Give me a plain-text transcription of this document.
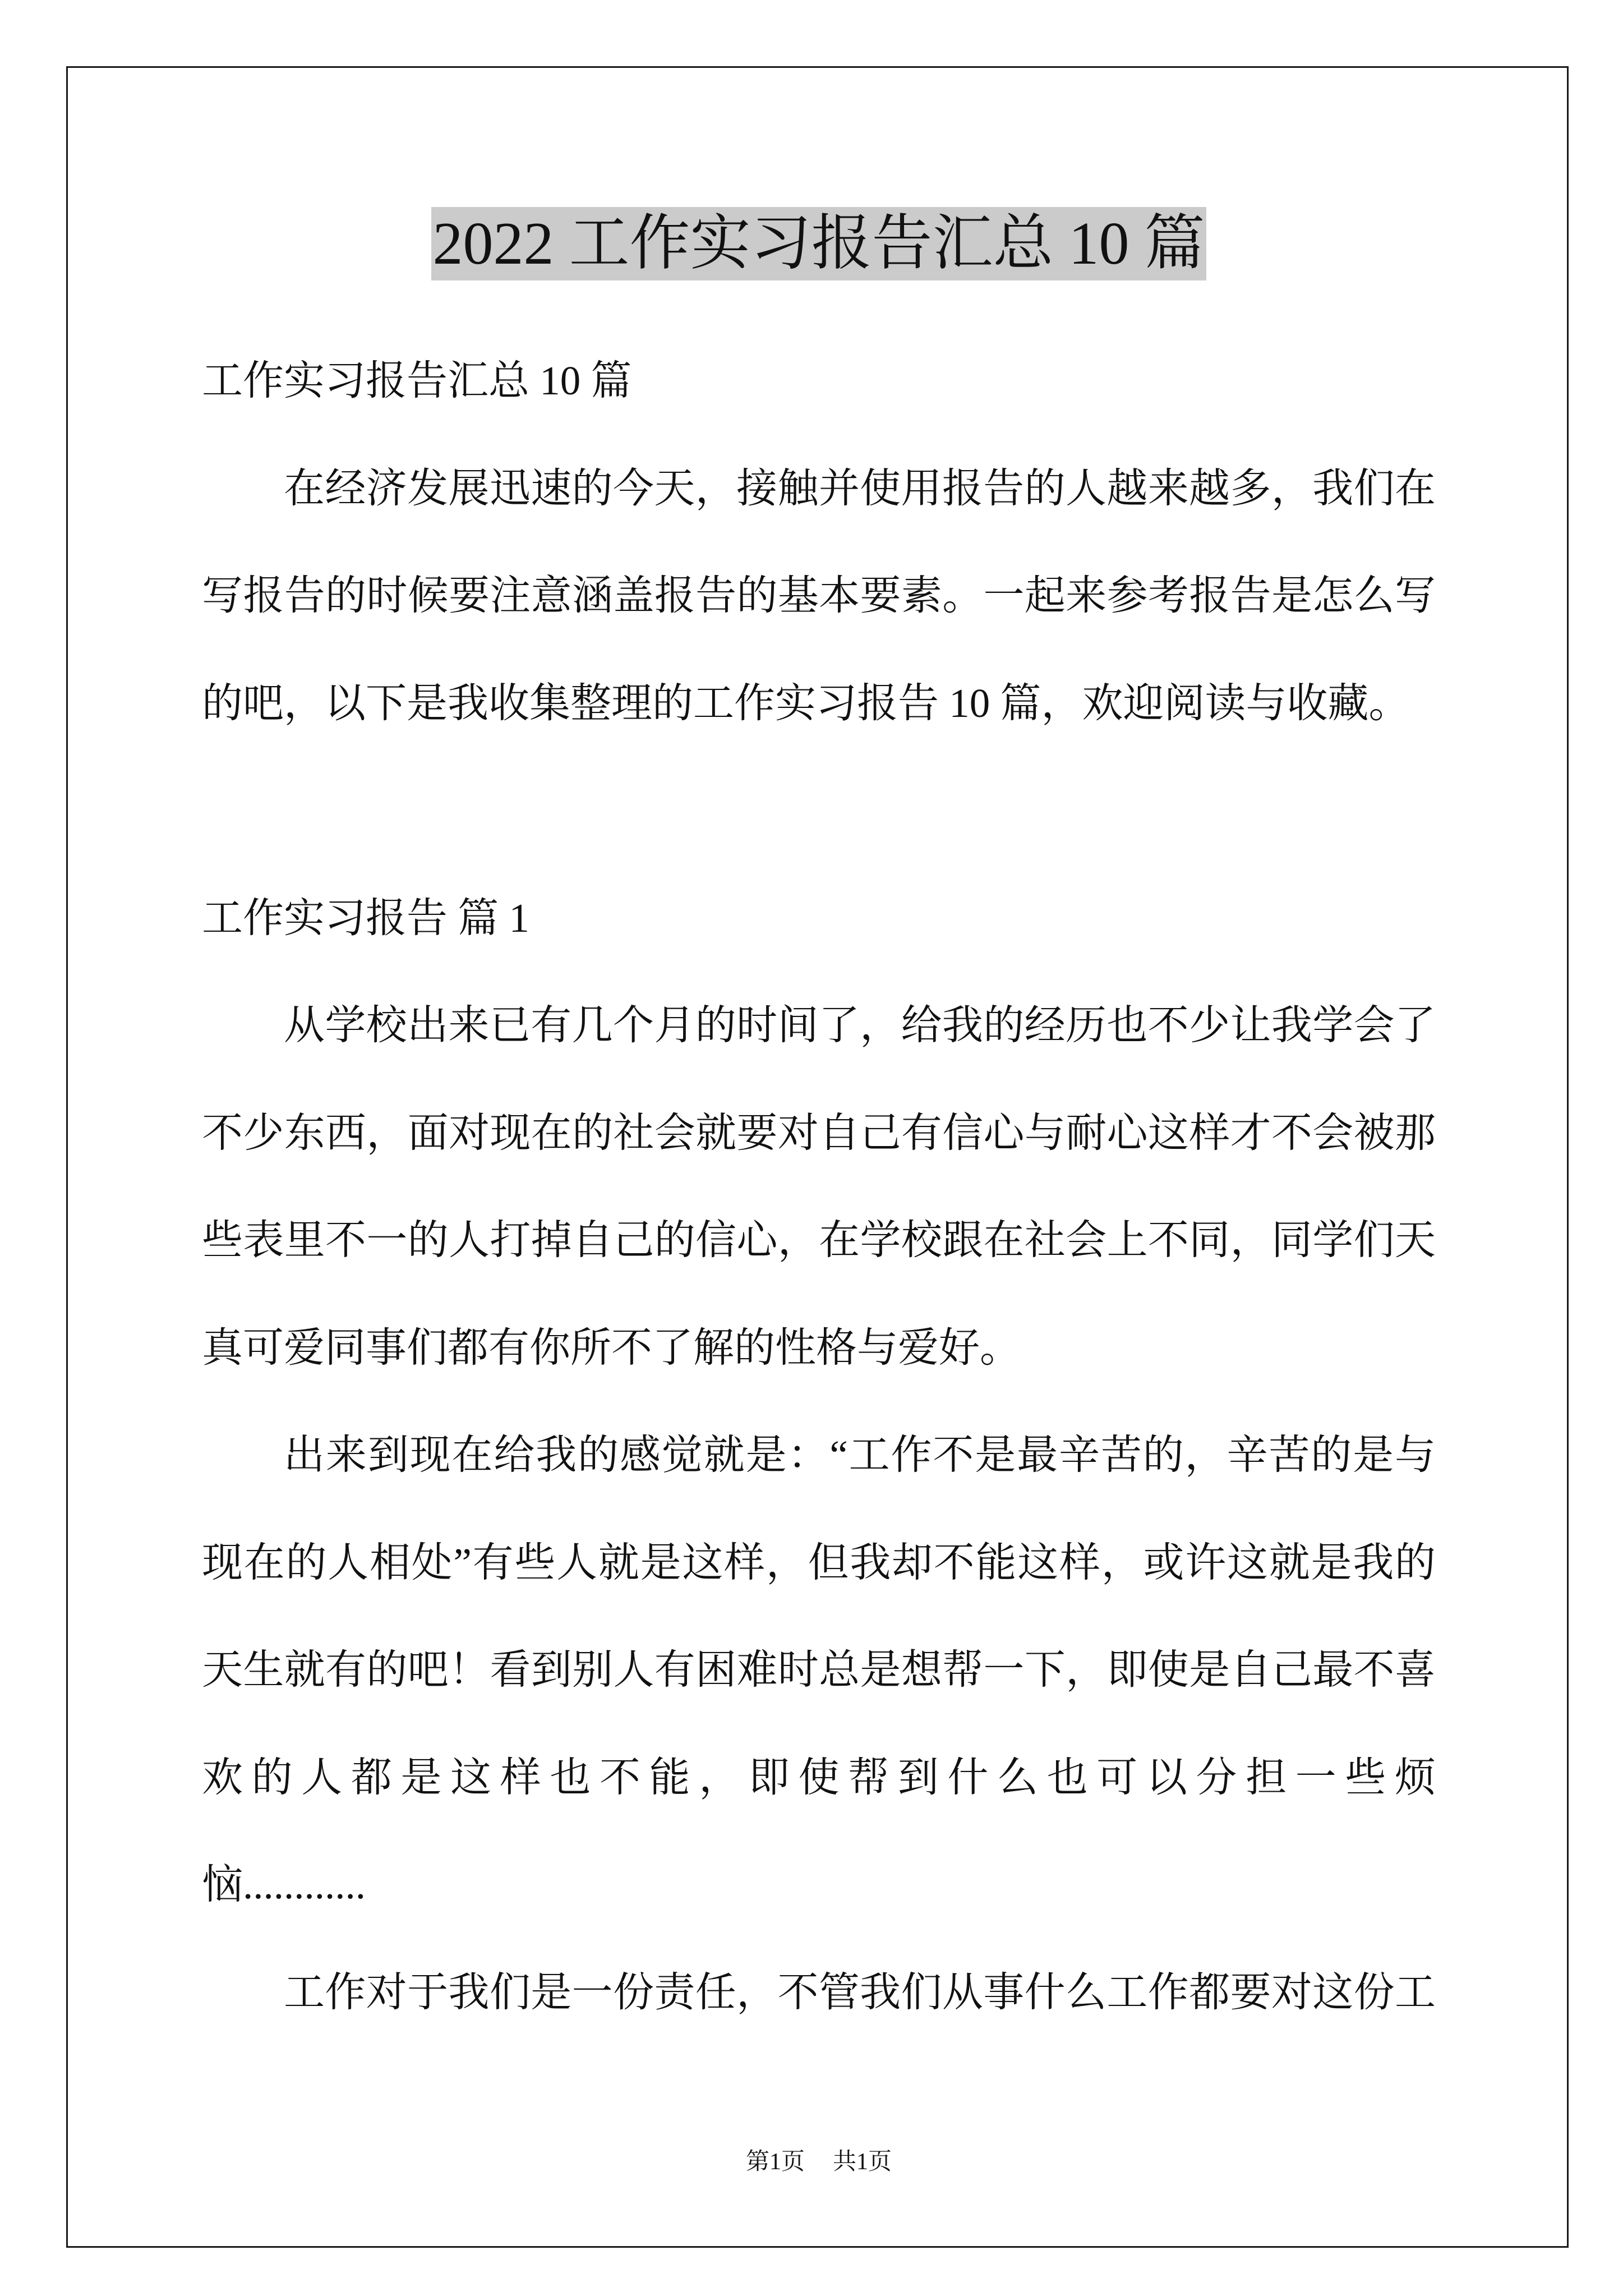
2022 工作实习报告汇总 10 篇
工作实习报告汇总 10 篇
在经济发展迅速的今天，接触并使用报告的人越来越多，我们在
写报告的时候要注意涵盖报告的基本要素。一起来参考报告是怎么写
的吧，以下是我收集整理的工作实习报告 10 篇，欢迎阅读与收藏。
工作实习报告 篇 1
从学校出来已有几个月的时间了，给我的经历也不少让我学会了
不少东西，面对现在的社会就要对自己有信心与耐心这样才不会被那
些表里不一的人打掉自己的信心，在学校跟在社会上不同，同学们天
真可爱同事们都有你所不了解的性格与爱好。
出来到现在给我的感觉就是：“工作不是最辛苦的，辛苦的是与
现在的人相处”有些人就是这样，但我却不能这样，或许这就是我的
天生就有的吧！看到别人有困难时总是想帮一下，即使是自己最不喜
欢的人都是这样也不能，即使帮到什么也可以分担一些烦
恼............
工作对于我们是一份责任，不管我们从事什么工作都要对这份工
第1页 共1页
